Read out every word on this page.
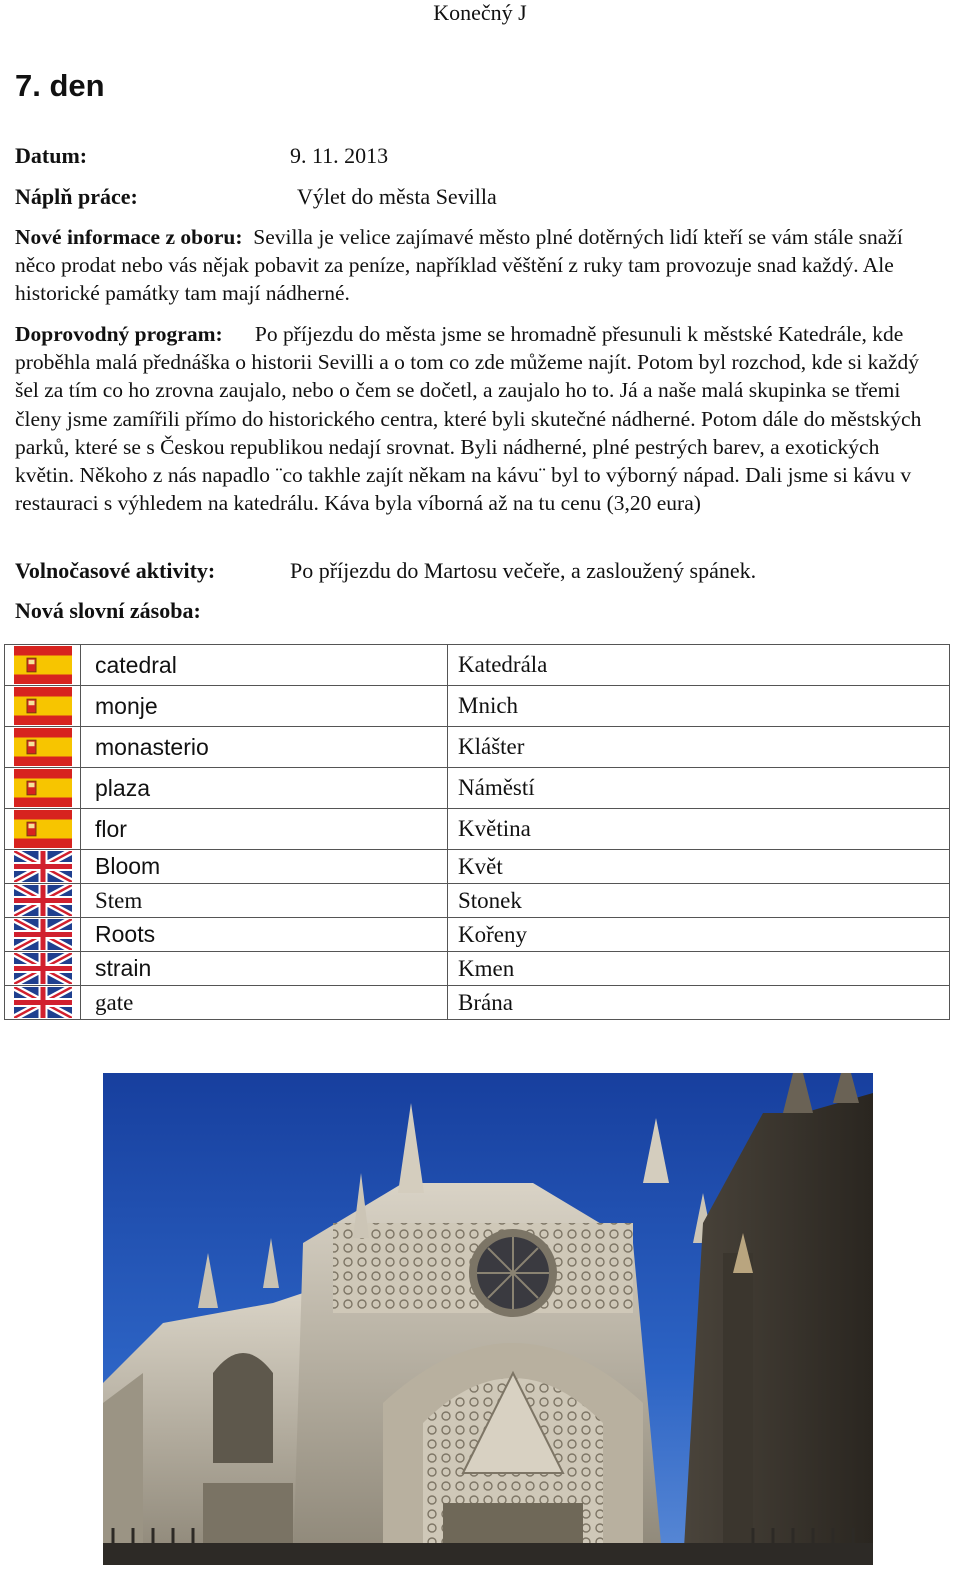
Konečný J
7. den
Datum:	9. 11. 2013
Náplň práce:	Výlet do města Sevilla
Nové informace z oboru: Sevilla je velice zajímavé město plné dotěrných lidí kteří se vám stále snaží něco prodat nebo vás nějak pobavit za peníze, například věštění z ruky tam provozuje snad každý. Ale historické památky tam mají nádherné.
Doprovodný program: Po příjezdu do města jsme se hromadně přesunuli k městské Katedrále, kde proběhla malá přednáška o historii Sevilli a o tom co zde můžeme najít. Potom byl rozchod, kde si každý šel za tím co ho zrovna zaujalo, nebo o čem se dočetl, a zaujalo ho to. Já a naše malá skupinka se třemi členy jsme zamířili přímo do historického centra, které byli skutečné nádherné. Potom dále do městských parků, které se s Českou republikou nedají srovnat. Byli nádherné, plné pestrých barev, a exotických květin. Někoho z nás napadlo ¨co takhle zajít někam na kávu¨ byl to výborný nápad. Dali jsme si kávu v restauraci s výhledem na katedrálu. Káva byla víborná až na tu cenu (3,20 eura)
Volnočasové aktivity:	Po příjezdu do Martosu večeře, a zasloužený spánek.
Nová slovní zásoba:
	catedral	Katedrála

	monje	Mnich

	monasterio	Klášter

	plaza	Náměstí

	flor	Květina

	Bloom	Květ

	Stem	Stonek

	Roots	Kořeny

	strain	Kmen

	gate	Brána
